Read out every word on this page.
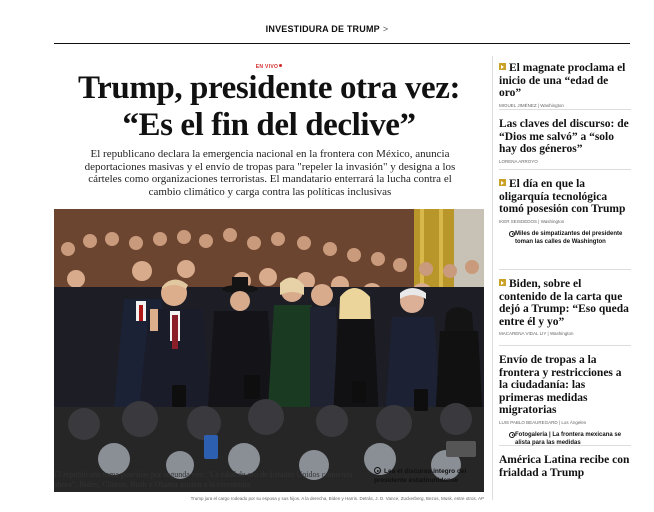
INVESTIDURA DE TRUMP >
EN VIVO
Trump, presidente otra vez:
“Es el fin del declive”

El republicano declara la emergencia nacional en la frontera con México, anuncia deportaciones masivas y el envío de tropas para "repeler la invasión" y designa a los cárteles como organizaciones terroristas. El mandatario enterrará la lucha contra el cambio climático y carga contra las políticas inclusivas

Trump jura el cargo rodeado por su esposa y sus hijos. A la derecha, Biden y Harris. Detrás, J. D. Vance, Zuckerberg, Bezos, Musk, entre otros. AP

El republicano toma posesión por segunda vez: "La edad de oro de Estados Unidos comienza ahora". Biden, Clinton, Bush y Obama asisten a la ceremonia

Lea el discurso íntegro del presidente estadounidense
El magnate proclama el inicio de una “edad de oro”
MIGUEL JIMÉNEZ | Washington
Las claves del discurso: de “Dios me salvó” a “solo hay dos géneros”
LORENA ARROYO
El día en que la oligarquía tecnológica tomó posesión con Trump
IKER SEISDEDOS | Washington
Miles de simpatizantes del presidente toman las calles de Washington
Biden, sobre el contenido de la carta que dejó a Trump: “Eso queda entre él y yo”
MACARENA VIDAL LIY | Washington
Envío de tropas a la frontera y restricciones a la ciudadanía: las primeras medidas migratorias
LUIS PABLO BEAUREGARD | Los Ángeles
Fotogalería | La frontera mexicana se alista para las medidas
América Latina recibe con frialdad a Trump
